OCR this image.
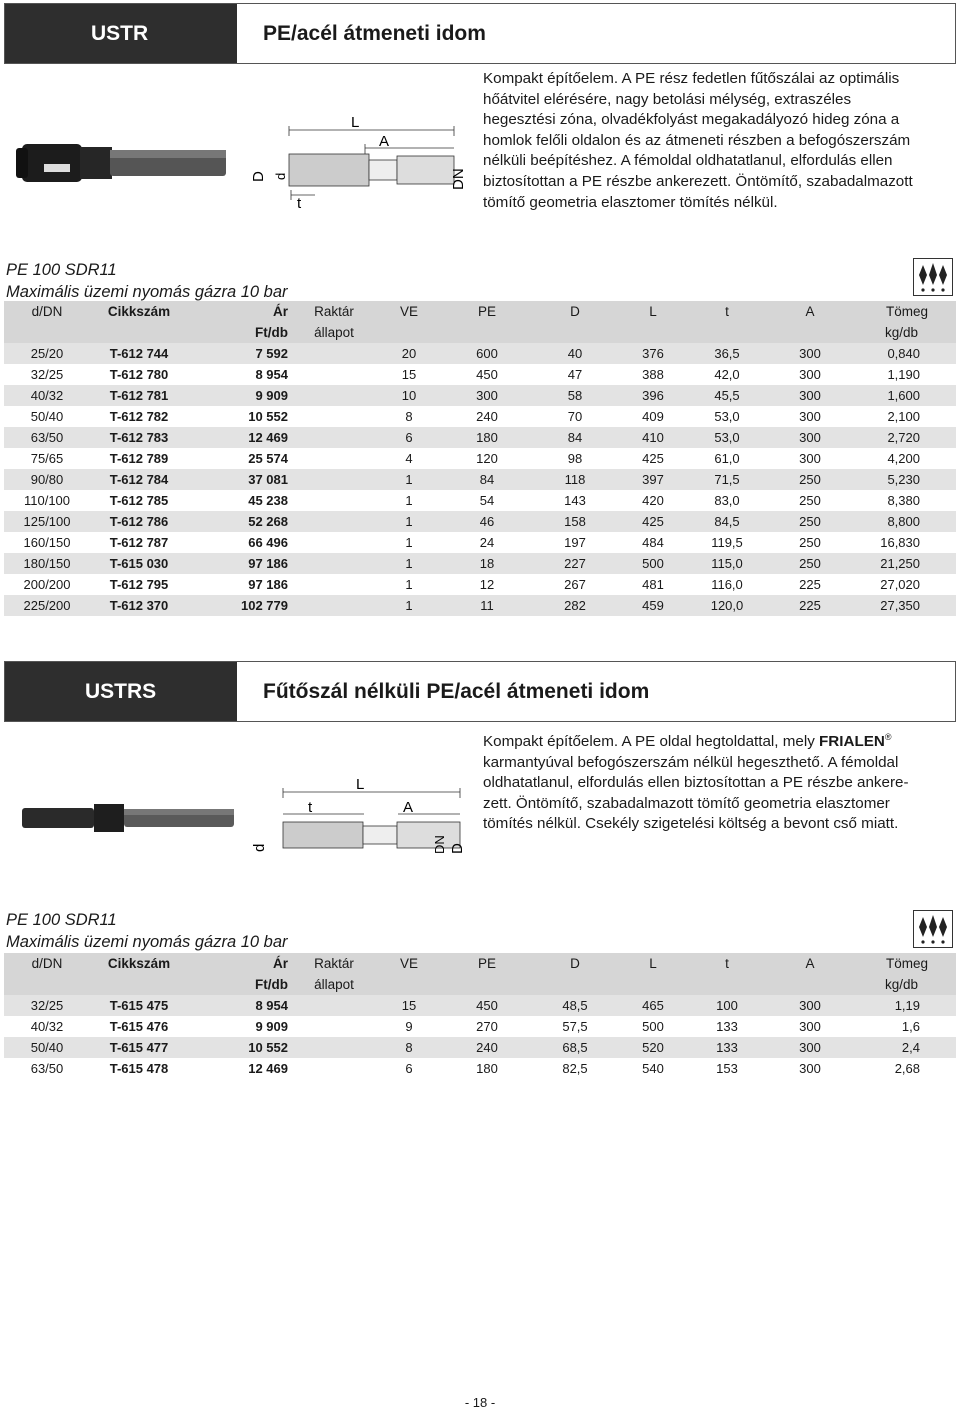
USTR	PE/acél átmeneti idom
L
A
t
D d	DN
Kompakt építőelem. A PE rész fedetlen fűtőszálai az optimális
hőátvitel elérésére, nagy betolási mélység, extraszéles
hegesztési zóna, olvadékfolyást megakadályozó hideg zóna a
homlok felőli oldalon és az átmeneti részben a befogószerszám
nélküli beépítéshez. A fémoldal oldhatatlanul, elfordulás ellen
biztosítottan a PE részbe ankerezett. Öntömítő, szabadalmazott
tömítő geometria elasztomer tömítés nélkül.
PE 100 SDR11
Maximális üzemi nyomás gázra 10 bar
d/DN	Cikkszám	Ár	Raktár	VE	PE	D	L	t	A	Tömeg
		Ft/db	állapot							kg/db
25/20	T-612 744	7 592		20	600	40	376	36,5	300	0,840
32/25	T-612 780	8 954		15	450	47	388	42,0	300	1,190
40/32	T-612 781	9 909		10	300	58	396	45,5	300	1,600
50/40	T-612 782	10 552		8	240	70	409	53,0	300	2,100
63/50	T-612 783	12 469		6	180	84	410	53,0	300	2,720
75/65	T-612 789	25 574		4	120	98	425	61,0	300	4,200
90/80	T-612 784	37 081		1	84	118	397	71,5	250	5,230
110/100	T-612 785	45 238		1	54	143	420	83,0	250	8,380
125/100	T-612 786	52 268		1	46	158	425	84,5	250	8,800
160/150	T-612 787	66 496		1	24	197	484	119,5	250	16,830
180/150	T-615 030	97 186		1	18	227	500	115,0	250	21,250
200/200	T-612 795	97 186		1	12	267	481	116,0	225	27,020
225/200	T-612 370	102 779		1	11	282	459	120,0	225	27,350
USTRS	Fűtőszál nélküli PE/acél átmeneti idom
L
t	A
d	DN D
Kompakt építőelem. A PE oldal hegtoldattal, mely FRIALEN®
karmantyúval befogószerszám nélkül hegeszthető. A fémoldal
oldhatatlanul, elfordulás ellen biztosítottan a PE részbe ankere-
zett. Öntömítő, szabadalmazott tömítő geometria elasztomer
tömítés nélkül. Csekély szigetelési költség a bevont cső miatt.
PE 100 SDR11
Maximális üzemi nyomás gázra 10 bar
d/DN	Cikkszám	Ár	Raktár	VE	PE	D	L	t	A	Tömeg
		Ft/db	állapot							kg/db
32/25	T-615 475	8 954		15	450	48,5	465	100	300	1,19
40/32	T-615 476	9 909		9	270	57,5	500	133	300	1,6
50/40	T-615 477	10 552		8	240	68,5	520	133	300	2,4
63/50	T-615 478	12 469		6	180	82,5	540	153	300	2,68
- 18 -
